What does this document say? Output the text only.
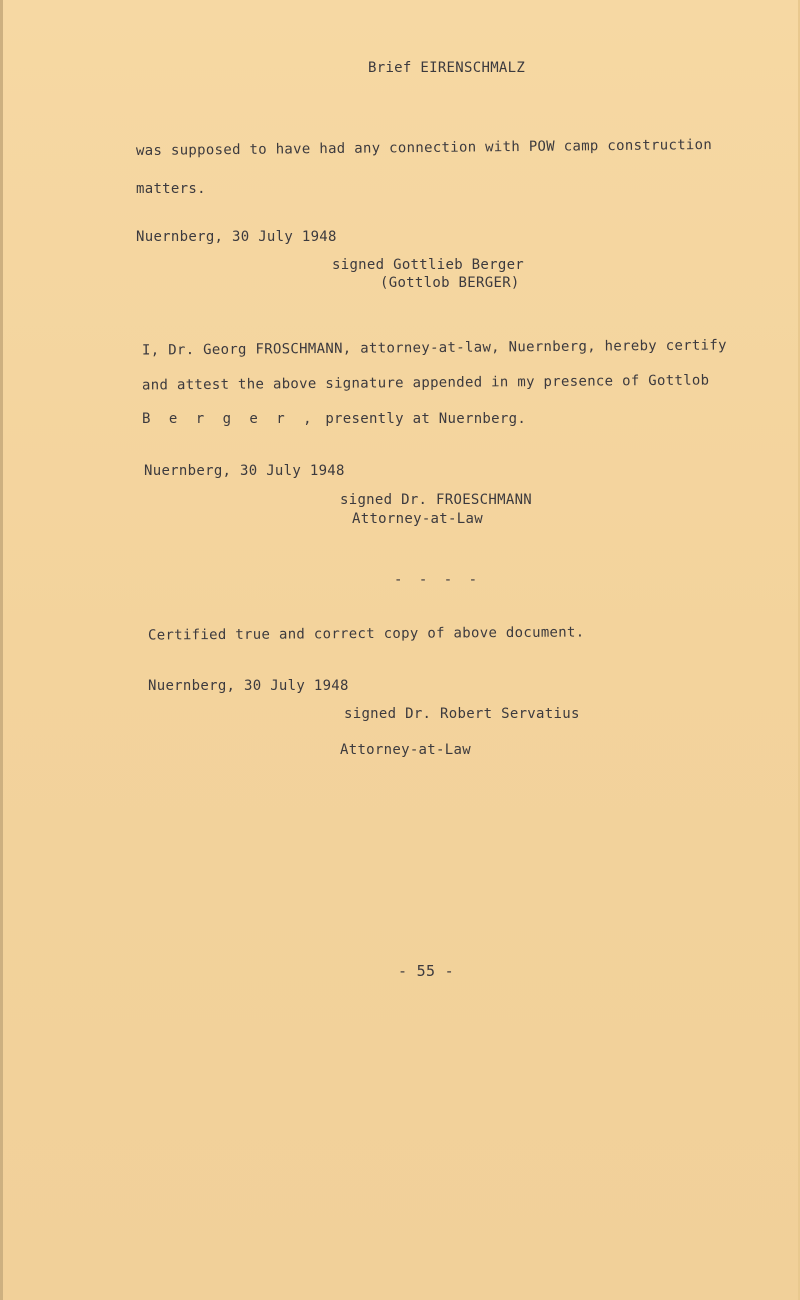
Brief EIRENSCHMALZ
was supposed to have had any connection with POW camp construction
matters.
Nuernberg, 30 July 1948
signed Gottlieb Berger
(Gottlob BERGER)
I, Dr. Georg FROSCHMANN, attorney-at-law, Nuernberg, hereby certify
and attest the above signature appended in my presence of Gottlob
B e r g e r , presently at Nuernberg.
Nuernberg, 30 July 1948
signed Dr. FROESCHMANN
Attorney-at-Law
- - - -
Certified true and correct copy of above document.
Nuernberg, 30 July 1948
signed Dr. Robert Servatius
Attorney-at-Law
- 55 -
